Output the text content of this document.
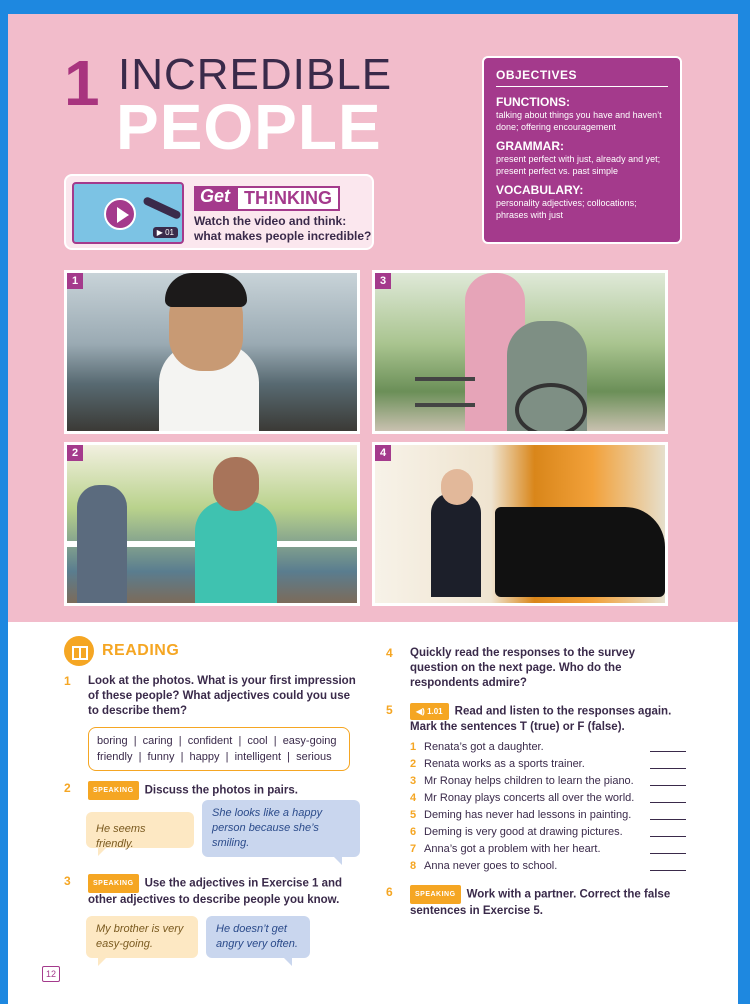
1 INCREDIBLE
PEOPLE
OBJECTIVES
FUNCTIONS:
talking about things you have and haven’t done; offering encouragement
GRAMMAR:
present perfect with just, already and yet; present perfect vs. past simple
VOCABULARY:
personality adjectives; collocations; phrases with just
▶ 01
Get TH!NKING
Watch the video and think: what makes people incredible?
1	3
2	4
READING
1 Look at the photos. What is your first impression of these people? What adjectives could you use to describe them?
boring  |  caring  |  confident  |  cool  |  easy-going
friendly  |  funny  |  happy  |  intelligent  |  serious
2	SPEAKING Discuss the photos in pairs.
He seems friendly.
She looks like a happy person because she’s smiling.
3	SPEAKING Use the adjectives in Exercise 1 and other adjectives to describe people you know.
My brother is very easy-going.
He doesn’t get angry very often.
4 Quickly read the responses to the survey question on the next page. Who do the respondents admire?
5	◀) 1.01 Read and listen to the responses again. Mark the sentences T (true) or F (false).
1 Renata’s got a daughter.
2 Renata works as a sports trainer.
3 Mr Ronay helps children to learn the piano.
4 Mr Ronay plays concerts all over the world.
5 Deming has never had lessons in painting.
6 Deming is very good at drawing pictures.
7 Anna’s got a problem with her heart.
8 Anna never goes to school.
6	SPEAKING Work with a partner. Correct the false sentences in Exercise 5.
12
